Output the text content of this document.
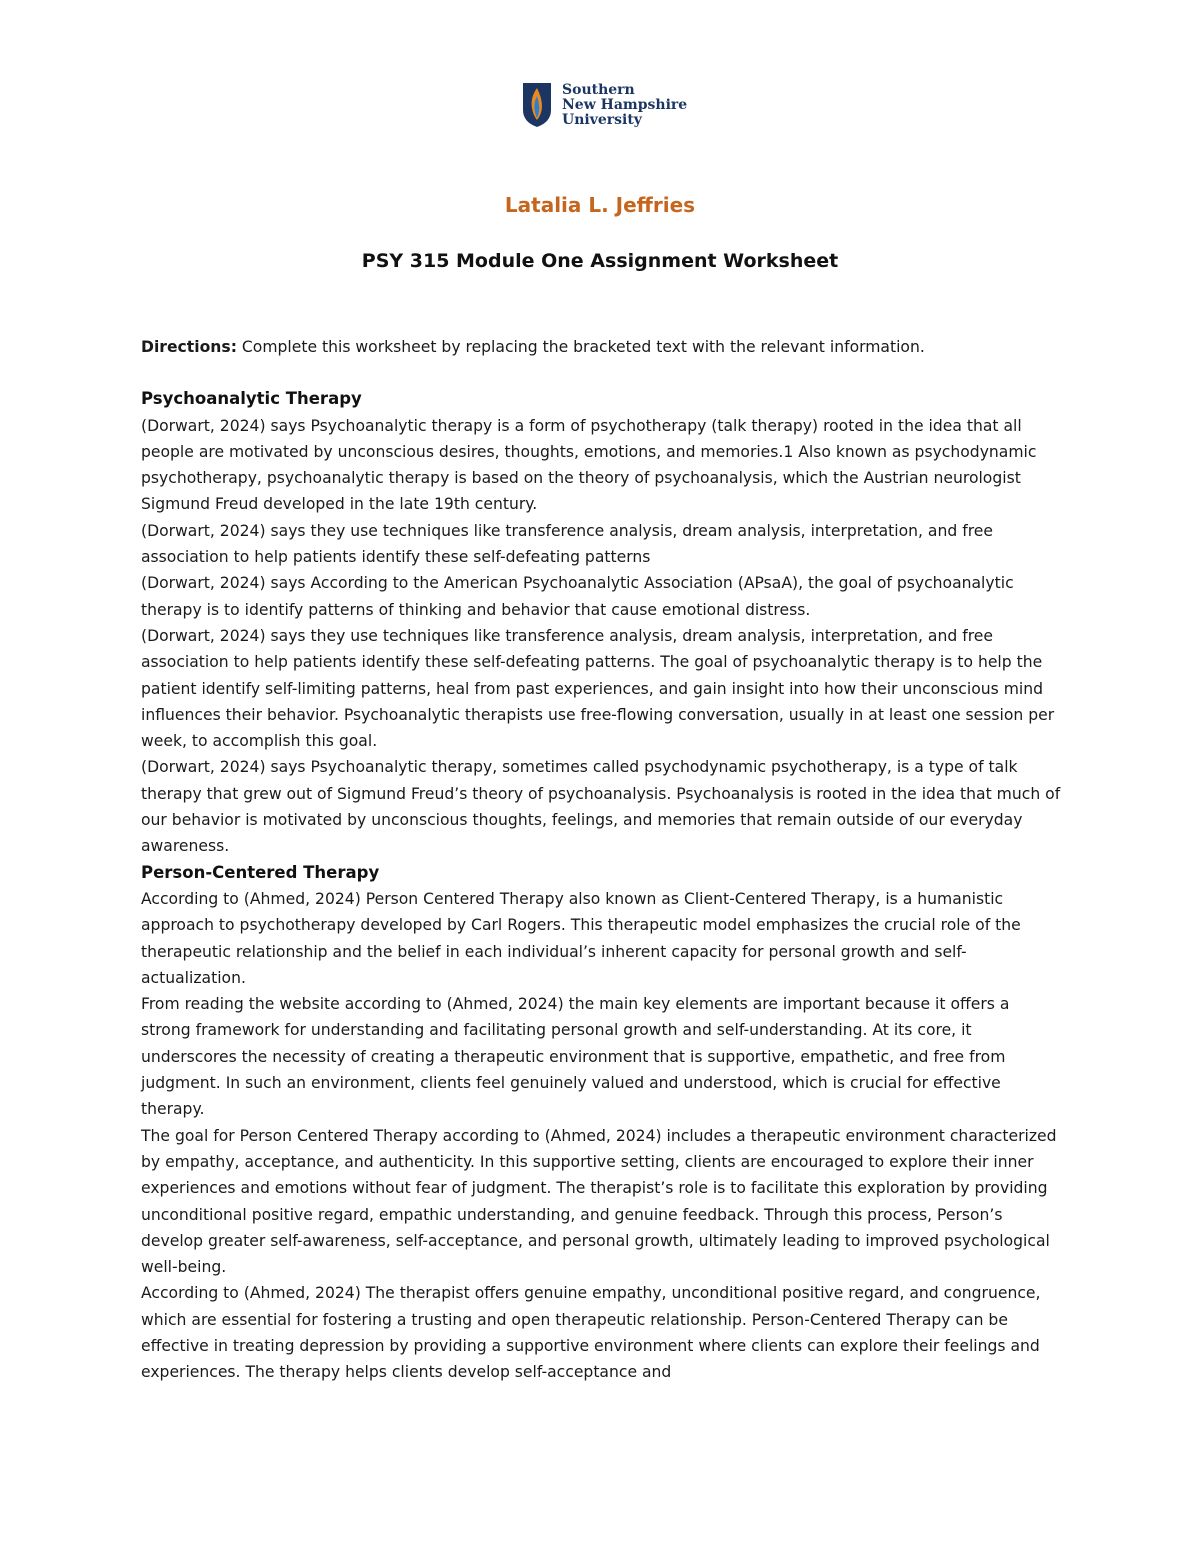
Southern
New Hampshire
University
Latalia L. Jeffries
PSY 315 Module One Assignment Worksheet

Directions: Complete this worksheet by replacing the bracketed text with the relevant information.

Psychoanalytic Therapy

(Dorwart, 2024) says Psychoanalytic therapy is a form of psychotherapy (talk therapy) rooted in the idea that all people are motivated by unconscious desires, thoughts, emotions, and memories.1 Also known as psychodynamic psychotherapy, psychoanalytic therapy is based on the theory of psychoanalysis, which the Austrian neurologist Sigmund Freud developed in the late 19th century.

(Dorwart, 2024) says they use techniques like transference analysis, dream analysis, interpretation, and free association to help patients identify these self-defeating patterns

(Dorwart, 2024) says According to the American Psychoanalytic Association (APsaA), the goal of psychoanalytic therapy is to identify patterns of thinking and behavior that cause emotional distress.

(Dorwart, 2024) says they use techniques like transference analysis, dream analysis, interpretation, and free association to help patients identify these self-defeating patterns. The goal of psychoanalytic therapy is to help the patient identify self-limiting patterns, heal from past experiences, and gain insight into how their unconscious mind influences their behavior. Psychoanalytic therapists use free-flowing conversation, usually in at least one session per week, to accomplish this goal.

(Dorwart, 2024) says Psychoanalytic therapy, sometimes called psychodynamic psychotherapy, is a type of talk therapy that grew out of Sigmund Freud’s theory of psychoanalysis. Psychoanalysis is rooted in the idea that much of our behavior is motivated by unconscious thoughts, feelings, and memories that remain outside of our everyday awareness.

Person-Centered Therapy

According to (Ahmed, 2024) Person Centered Therapy also known as Client-Centered Therapy, is a humanistic approach to psychotherapy developed by Carl Rogers. This therapeutic model emphasizes the crucial role of the therapeutic relationship and the belief in each individual’s inherent capacity for personal growth and self-actualization.

From reading the website according to (Ahmed, 2024) the main key elements are important because it offers a strong framework for understanding and facilitating personal growth and self-understanding. At its core, it underscores the necessity of creating a therapeutic environment that is supportive, empathetic, and free from judgment. In such an environment, clients feel genuinely valued and understood, which is crucial for effective therapy.

The goal for Person Centered Therapy according to (Ahmed, 2024) includes a therapeutic environment characterized by empathy, acceptance, and authenticity. In this supportive setting, clients are encouraged to explore their inner experiences and emotions without fear of judgment. The therapist’s role is to facilitate this exploration by providing unconditional positive regard, empathic understanding, and genuine feedback. Through this process, Person’s develop greater self-awareness, self-acceptance, and personal growth, ultimately leading to improved psychological well-being.

According to (Ahmed, 2024) The therapist offers genuine empathy, unconditional positive regard, and congruence, which are essential for fostering a trusting and open therapeutic relationship. Person-Centered Therapy can be effective in treating depression by providing a supportive environment where clients can explore their feelings and experiences. The therapy helps clients develop self-acceptance and
